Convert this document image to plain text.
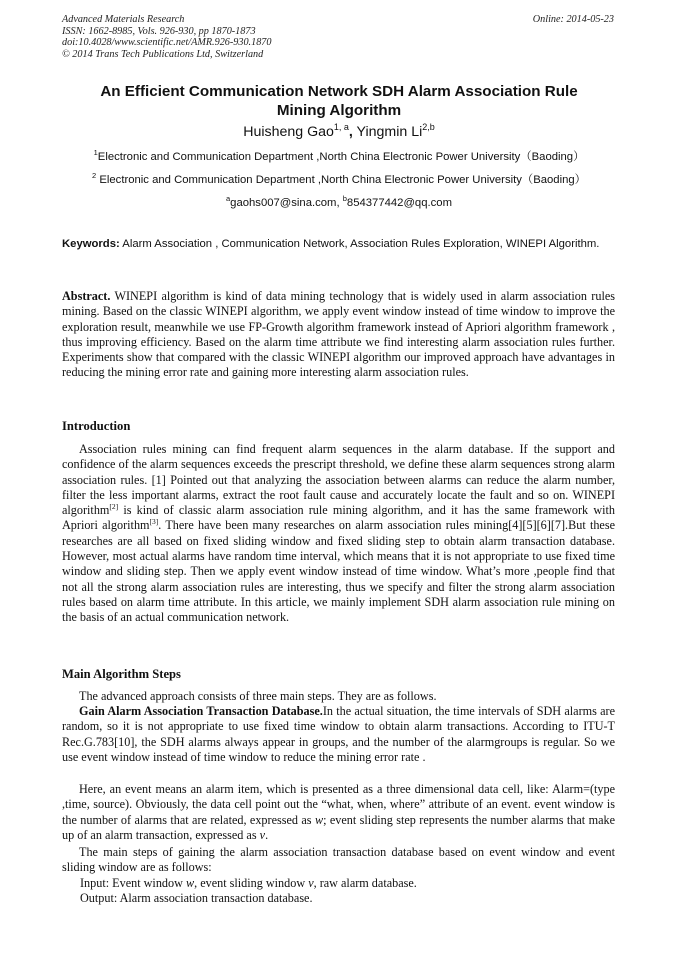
Advanced Materials Research
ISSN: 1662-8985, Vols. 926-930, pp 1870-1873
doi:10.4028/www.scientific.net/AMR.926-930.1870
© 2014 Trans Tech Publications Ltd, Switzerland
Online: 2014-05-23
An Efficient Communication Network SDH Alarm Association Rule
Mining Algorithm
Huisheng Gao$^{1, a}$, Yingmin Li$^{2,b}$
$^1$Electronic and Communication Department ,North China Electronic Power University（Baoding）
$^2$ Electronic and Communication Department ,North China Electronic Power University（Baoding）
$^a$gaohs007@sina.com, $^b$854377442@qq.com
Keywords: Alarm Association , Communication Network, Association Rules Exploration, WINEPI Algorithm.
Abstract. WINEPI algorithm is kind of data mining technology that is widely used in alarm association rules mining. Based on the classic WINEPI algorithm, we apply event window instead of time window to improve the exploration result, meanwhile we use FP-Growth algorithm framework instead of Apriori algorithm framework , thus improving efficiency. Based on the alarm time attribute we find interesting alarm association rules further. Experiments show that compared with the classic WINEPI algorithm our improved approach have advantages in reducing the mining error rate and gaining more interesting alarm association rules.
Introduction
Association rules mining can find frequent alarm sequences in the alarm database. If the support and confidence of the alarm sequences exceeds the prescript threshold, we define these alarm sequences strong alarm association rules. [1] Pointed out that analyzing the association between alarms can reduce the alarm number, filter the less important alarms, extract the root fault cause and accurately locate the fault and so on. WINEPI algorithm[2] is kind of classic alarm association rule mining algorithm, and it has the same framework with Apriori algorithm[3]. There have been many researches on alarm association rules mining[4][5][6][7].But these researches are all based on fixed sliding window and fixed sliding step to obtain alarm transaction database. However, most actual alarms have random time interval, which means that it is not appropriate to use fixed time window and sliding step. Then we apply event window instead of time window. What’s more ,people find that not all the strong alarm association rules are interesting, thus we specify and filter the strong alarm association rules based on alarm time attribute. In this article, we mainly implement SDH alarm association rule mining on the basis of an actual communication network.
Main Algorithm Steps
The advanced approach consists of three main steps. They are as follows.
Gain Alarm Association Transaction Database.In the actual situation, the time intervals of SDH alarms are random, so it is not appropriate to use fixed time window to obtain alarm transactions. According to ITU-T Rec.G.783[10], the SDH alarms always appear in groups, and the number of the alarmgroups is regular. So we use event window instead of time window to reduce the mining error rate .
Here, an event means an alarm item, which is presented as a three dimensional data cell, like: Alarm=(type ,time, source). Obviously, the data cell point out the “what, when, where” attribute of an event. event window is the number of alarms that are related, expressed as w; event sliding step represents the number alarms that make up of an alarm transaction, expressed as v.
The main steps of gaining the alarm association transaction database based on event window and event sliding window are as follows:
Input: Event window w, event sliding window v, raw alarm database.
Output: Alarm association transaction database.
